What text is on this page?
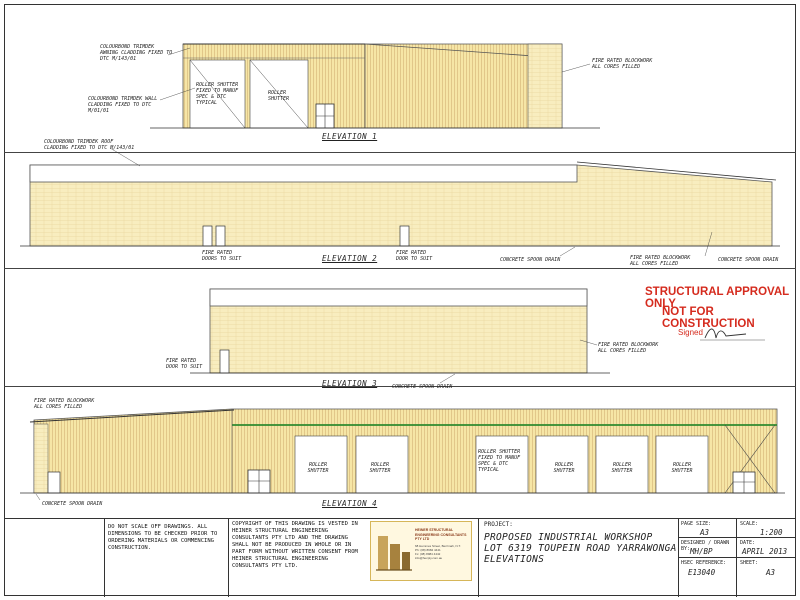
COLOURBOND TRIMDEK
AWNING CLADDING FIXED TO
DTC M/143/01
COLOURBOND TRIMDEK WALL
CLADDING FIXED TO DTC
M/01/01
ROLLER SHUTTER
FIXED TO MANUF
SPEC & DTC
TYPICAL
ROLLER
SHUTTER
FIRE RATED BLOCKWORK
ALL CORES FILLED
ELEVATION 1
COLOURBOND TRIMDEK ROOF
CLADDING FIXED TO DTC M/143/01
FIRE RATED
DOORS TO SUIT
FIRE RATED
DOOR TO SUIT	CONCRETE SPOON DRAIN	FIRE RATED BLOCKWORK
ALL CORES FILLED
CONCRETE SPOON DRAIN
ELEVATION 2
FIRE RATED
DOOR TO SUIT
FIRE RATED BLOCKWORK
ALL CORES FILLED
CONCRETE SPOON DRAIN
ELEVATION 3
STRUCTURAL APPROVAL ONLY
NOT FOR CONSTRUCTION
Signed
FIRE RATED BLOCKWORK
ALL CORES FILLED
ROLLER
SHUTTER
ROLLER
SHUTTER
ROLLER SHUTTER
FIXED TO MANUF
SPEC & DTC
TYPICAL
ROLLER
SHUTTER
ROLLER
SHUTTER
ROLLER
SHUTTER
CONCRETE SPOON DRAIN	ELEVATION 4
DO NOT SCALE OFF DRAWINGS. ALL DIMENSIONS TO BE CHECKED PRIOR TO ORDERING MATERIALS OR COMMENCING CONSTRUCTION.
COPYRIGHT OF THIS DRAWING IS VESTED IN HEINER STRUCTURAL ENGINEERING CONSULTANTS PTY LTD AND THE DRAWING SHALL NOT BE PRODUCED IN WHOLE OR IN PART FORM WITHOUT WRITTEN CONSENT FROM HEINER STRUCTURAL ENGINEERING CONSULTANTS PTY LTD.
HEINER STRUCTURAL ENGINEERING CONSULTANTS PTY LTD
68 Hemmes Street, Berrimah, N.T.
Ph: (08) 8984 4441
Fx: (08) 8984 4442
info@hecpty.com.au
PROJECT:
PROPOSED INDUSTRIAL WORKSHOP
LOT 6319 TOUPEIN ROAD YARRAWONGA
ELEVATIONS
PAGE SIZE:
A3
SCALE:
1:200
DESIGNED / DRAWN BY: MH/BP
DATE:
APRIL 2013
HSEC REFERENCE:
E13040
SHEET:
A3
